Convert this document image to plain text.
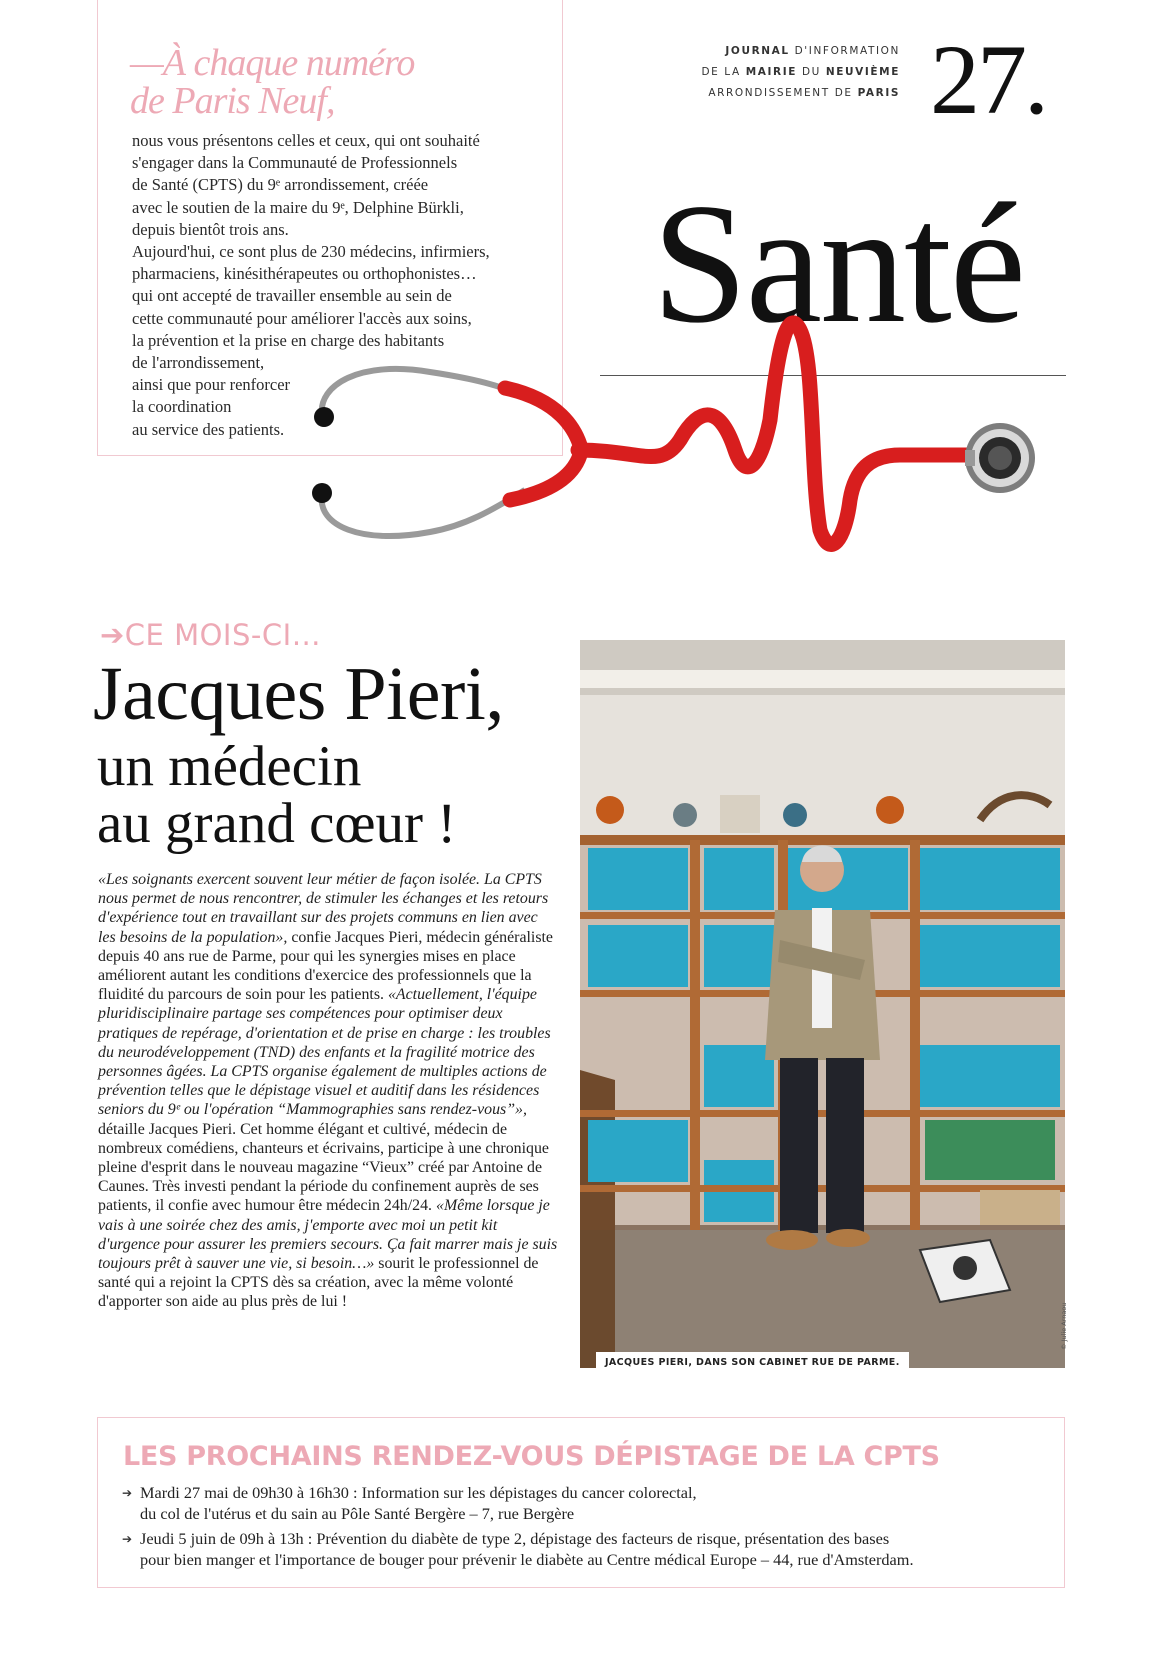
—À chaque numéro
de Paris Neuf,

nous vous présentons celles et ceux, qui ont souhaité

s'engager dans la Communauté de Professionnels

de Santé (CPTS) du 9ᵉ arrondissement, créée

avec le soutien de la maire du 9ᵉ, Delphine Bürkli,

depuis bientôt trois ans.

Aujourd'hui, ce sont plus de 230 médecins, infirmiers,

pharmaciens, kinésithérapeutes ou orthophonistes…

qui ont accepté de travailler ensemble au sein de

cette communauté pour améliorer l'accès aux soins,

la prévention et la prise en charge des habitants

de l'arrondissement,

ainsi que pour renforcer

la coordination

au service des patients.

JOURNAL D'INFORMATION
DE LA MAIRIE DU NEUVIÈME
ARRONDISSEMENT DE PARIS 27.
Santé
➔CE MOIS-CI…
Jacques Pieri,
un médecin
au grand cœur !
«Les soignants exercent souvent leur métier de façon isolée. La CPTS nous permet de nous rencontrer, de stimuler les échanges et les retours d'expérience tout en travaillant sur des projets communs en lien avec les besoins de la population», confie Jacques Pieri, médecin généraliste depuis 40 ans rue de Parme, pour qui les synergies mises en place améliorent autant les conditions d'exercice des professionnels que la fluidité du parcours de soin pour les patients. «Actuellement, l'équipe pluridisciplinaire partage ses compétences pour optimiser deux pratiques de repérage, d'orientation et de prise en charge : les troubles du neurodéveloppement (TND) des enfants et la fragilité motrice des personnes âgées. La CPTS organise également de multiples actions de prévention telles que le dépistage visuel et auditif dans les résidences seniors du 9ᵉ ou l'opération “Mammographies sans rendez-vous”», détaille Jacques Pieri. Cet homme élégant et cultivé, médecin de nombreux comédiens, chanteurs et écrivains, participe à une chronique pleine d'esprit dans le nouveau magazine “Vieux” créé par Antoine de Caunes. Très investi pendant la période du confinement auprès de ses patients, il confie avec humour être médecin 24h/24. «Même lorsque je vais à une soirée chez des amis, j'emporte avec moi un petit kit d'urgence pour assurer les premiers secours. Ça fait marrer mais je suis toujours prêt à sauver une vie, si besoin…» sourit le professionnel de santé qui a rejoint la CPTS dès sa création, avec la même volonté d'apporter son aide au plus près de lui !
JACQUES PIERI, DANS SON CABINET RUE DE PARME.
© Julie Arnaou
LES PROCHAINS RENDEZ-VOUS DÉPISTAGE DE LA CPTS
➔ Mardi 27 mai de 09h30 à 16h30 : Information sur les dépistages du cancer colorectal,
du col de l'utérus et du sain au Pôle Santé Bergère – 7, rue Bergère
➔ Jeudi 5 juin de 09h à 13h : Prévention du diabète de type 2, dépistage des facteurs de risque, présentation des bases
pour bien manger et l'importance de bouger pour prévenir le diabète au Centre médical Europe – 44, rue d'Amsterdam.
